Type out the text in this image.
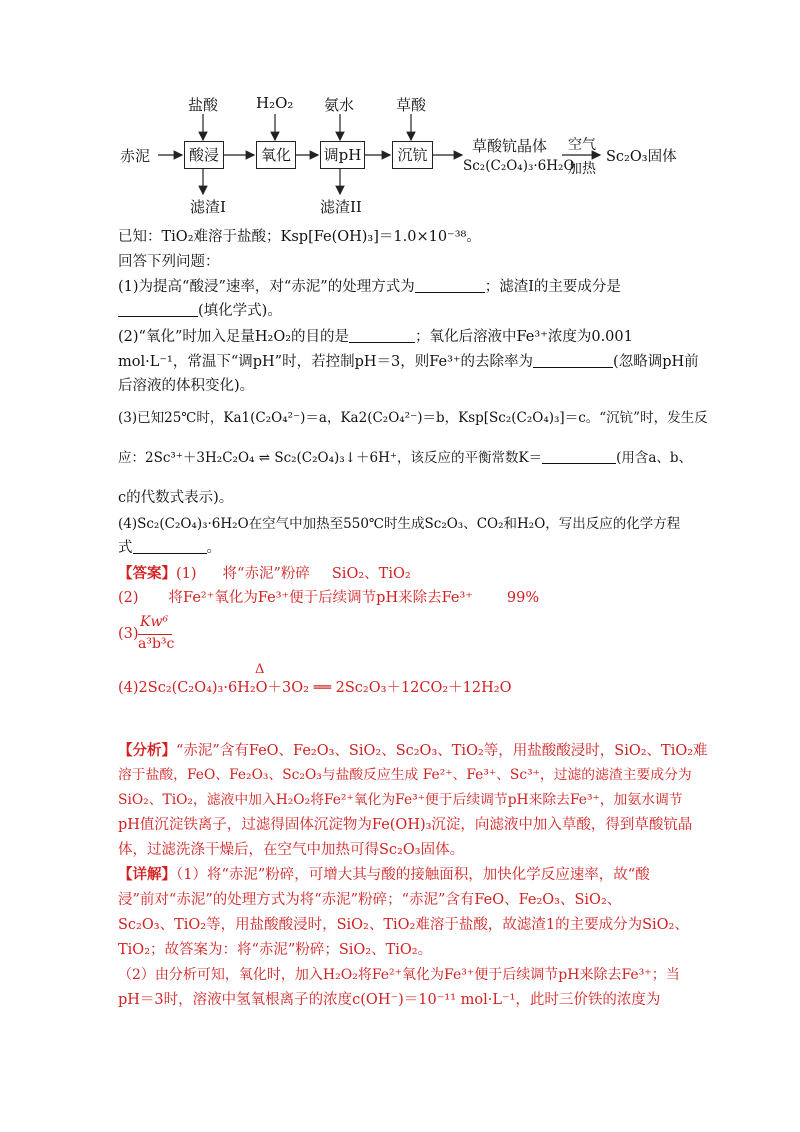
赤泥	酸浸	氧化	调pH	沉钪
盐酸	H₂O₂ 氨水	草酸
滤渣I	滤渣II
草酸钪晶体
Sc₂(C₂O₄)₃·6H₂O
空气
加热
Sc₂O₃固体
已知：TiO₂难溶于盐酸；Ksp[Fe(OH)₃]＝1.0×10⁻³⁸。
回答下列问题：
(1)为提高“酸浸”速率，对“赤泥”的处理方式为	；滤渣I的主要成分是
(填化学式)。
(2)“氧化”时加入足量H₂O₂的目的是	；氧化后溶液中Fe³⁺浓度为0.001
mol·L⁻¹，常温下“调pH”时，若控制pH＝3，则Fe³⁺的去除率为	(忽略调pH前
后溶液的体积变化)。
(3)已知25℃时，Ka1(C₂O₄²⁻)＝a，Ka2(C₂O₄²⁻)＝b，Ksp[Sc₂(C₂O₄)₃]＝c。“沉钪”时，发生反
应：2Sc³⁺＋3H₂C₂O₄ ⇌ Sc₂(C₂O₄)₃↓＋6H⁺，该反应的平衡常数K＝	(用含a、b、
c的代数式表示)。
(4)Sc₂(C₂O₄)₃·6H₂O在空气中加热至550℃时生成Sc₂O₃、CO₂和H₂O，写出反应的化学方程
式	。
【答案】(1) 将“赤泥”粉碎 SiO₂、TiO₂
(2) 将Fe²⁺氧化为Fe³⁺便于后续调节pH来除去Fe³⁺ 99%
(3)
Kw⁶
a³b³c
Δ
(4)2Sc₂(C₂O₄)₃·6H₂O＋3O₂ ══ 2Sc₂O₃＋12CO₂＋12H₂O
【分析】“赤泥”含有FeO、Fe₂O₃、SiO₂、Sc₂O₃、TiO₂等，用盐酸酸浸时，SiO₂、TiO₂难
溶于盐酸，FeO、Fe₂O₃、Sc₂O₃与盐酸反应生成 Fe²⁺、Fe³⁺、Sc³⁺，过滤的滤渣主要成分为
SiO₂、TiO₂，滤液中加入H₂O₂将Fe²⁺氧化为Fe³⁺便于后续调节pH来除去Fe³⁺，加氨水调节
pH值沉淀铁离子，过滤得固体沉淀物为Fe(OH)₃沉淀，向滤液中加入草酸，得到草酸钪晶
体，过滤洗涤干燥后，在空气中加热可得Sc₂O₃固体。
【详解】（1）将“赤泥”粉碎，可增大其与酸的接触面积，加快化学反应速率，故“酸
浸”前对“赤泥”的处理方式为将“赤泥”粉碎；“赤泥”含有FeO、Fe₂O₃、SiO₂、
Sc₂O₃、TiO₂等，用盐酸酸浸时，SiO₂、TiO₂难溶于盐酸，故滤渣1的主要成分为SiO₂、
TiO₂；故答案为：将“赤泥”粉碎；SiO₂、TiO₂。
（2）由分析可知，氧化时，加入H₂O₂将Fe²⁺氧化为Fe³⁺便于后续调节pH来除去Fe³⁺；当
pH＝3时，溶液中氢氧根离子的浓度c(OH⁻)＝10⁻¹¹ mol·L⁻¹，此时三价铁的浓度为
